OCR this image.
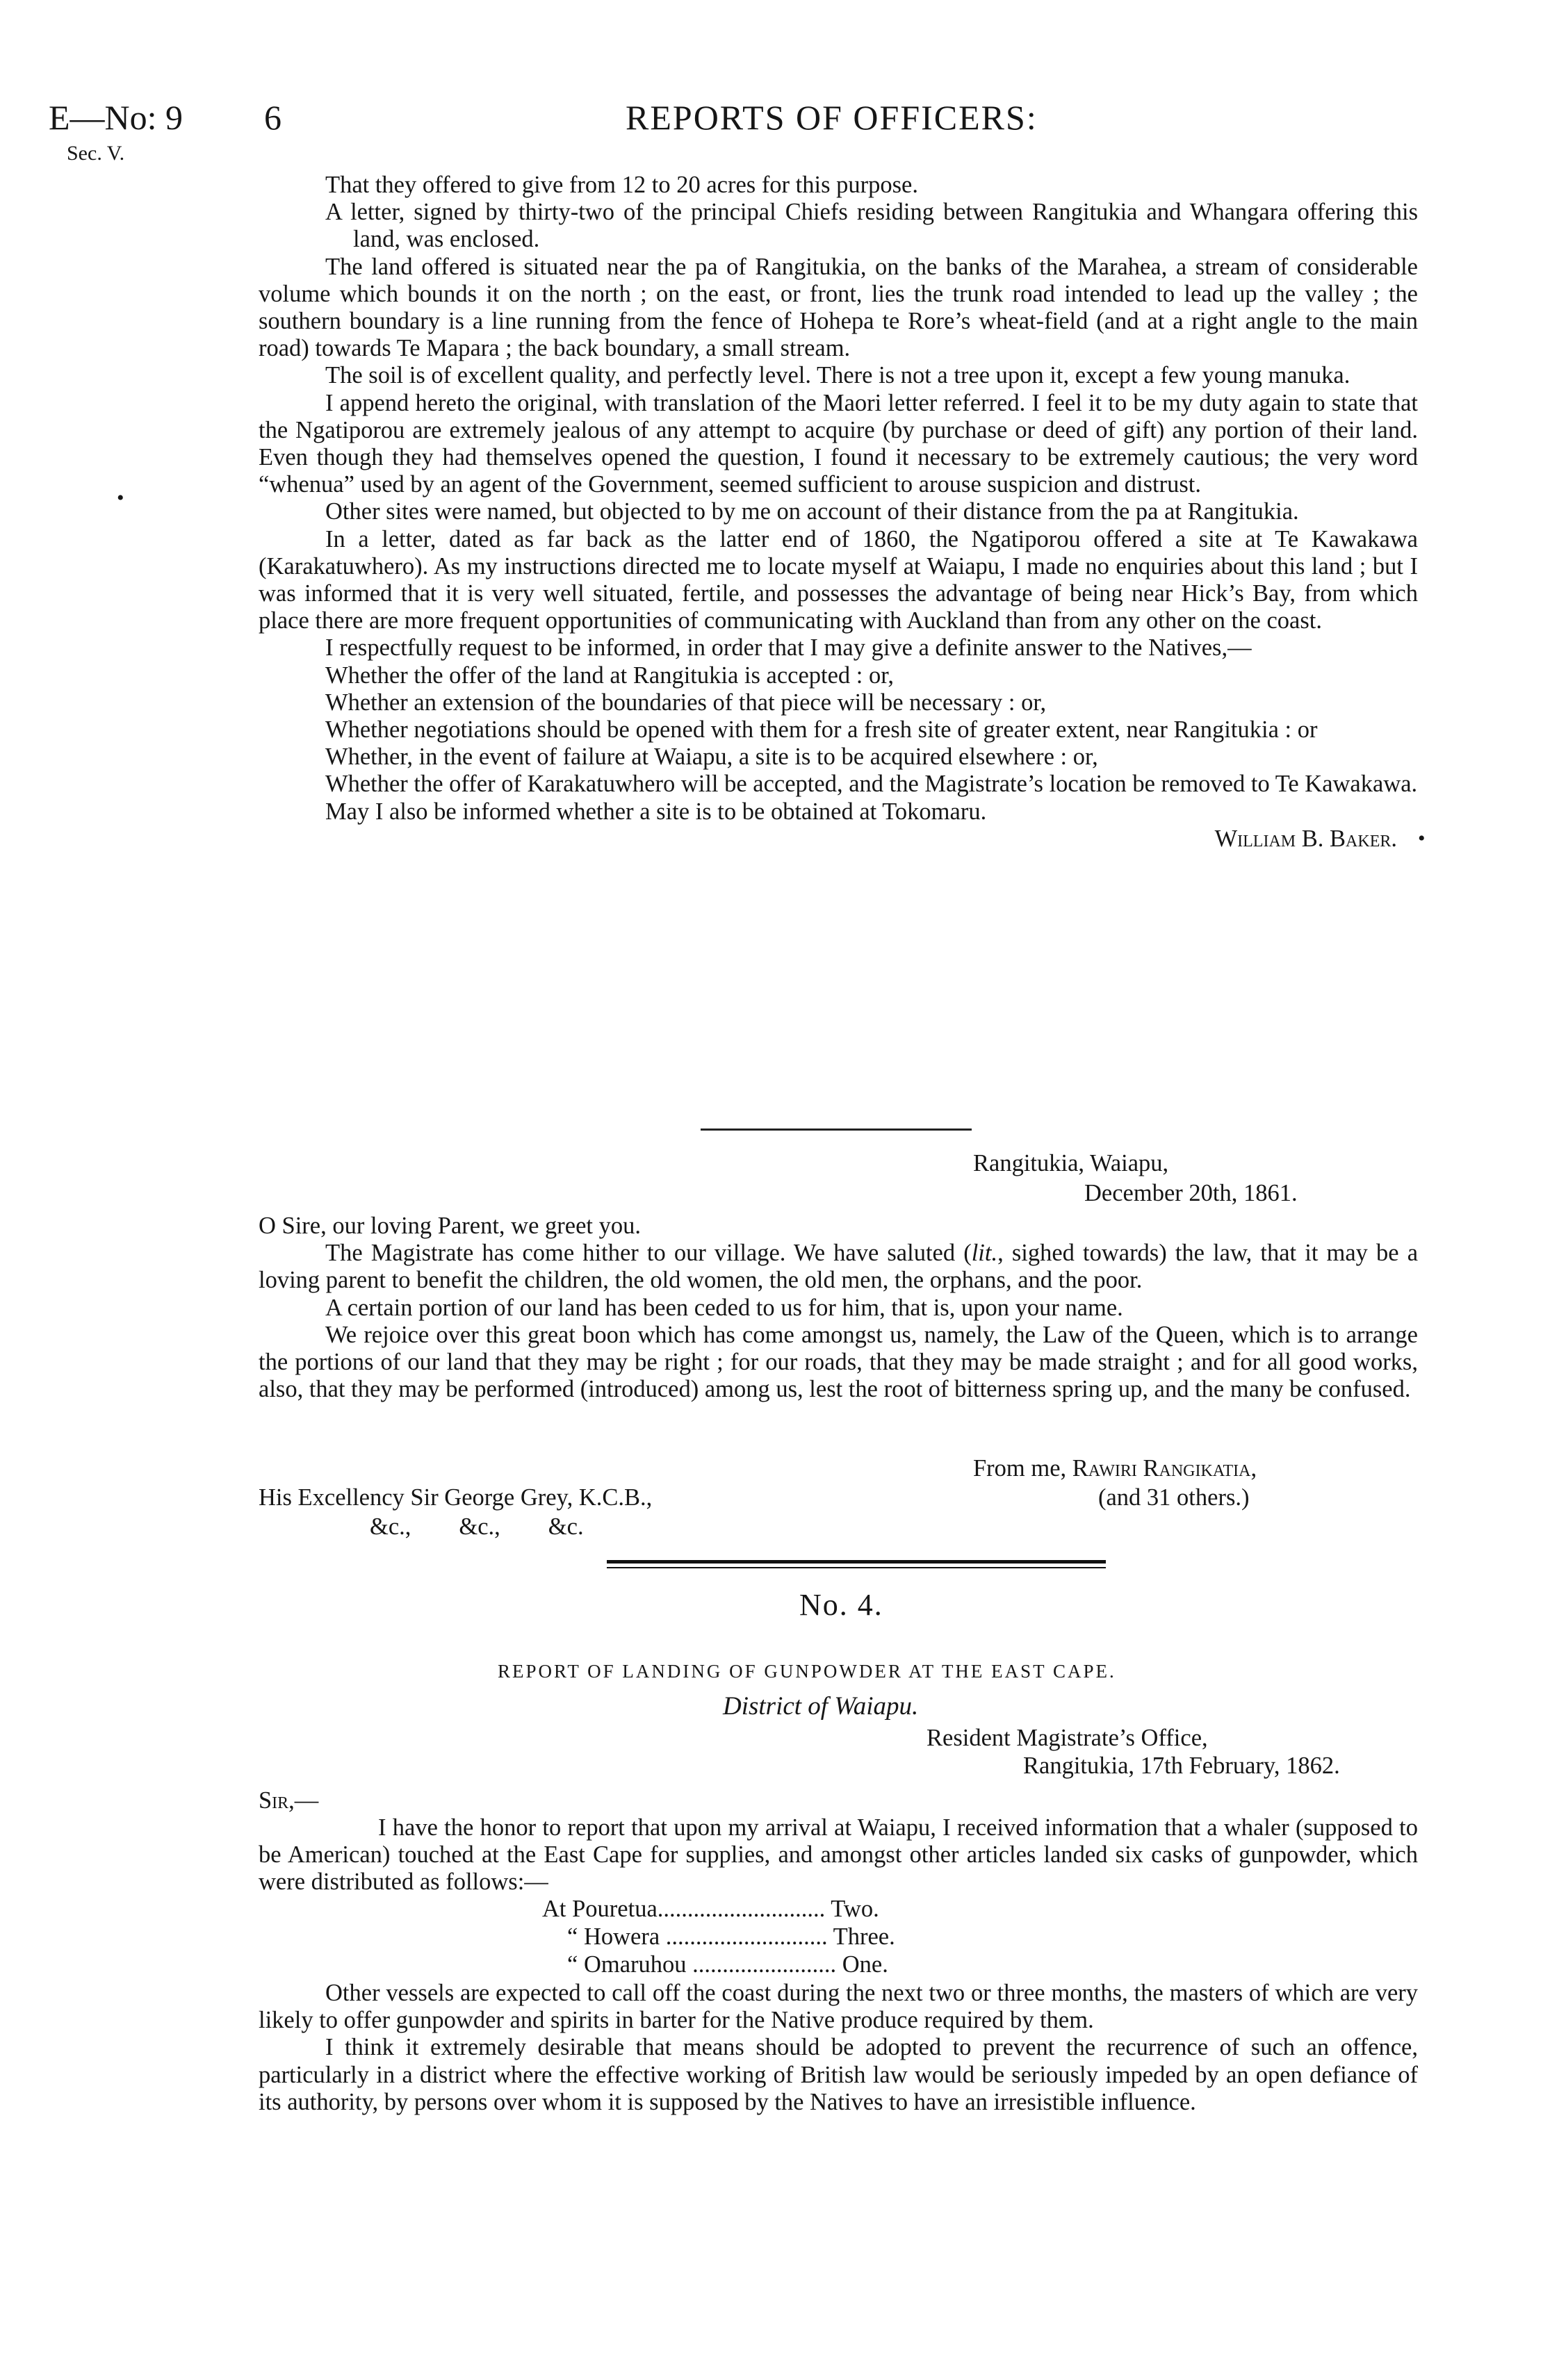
E—No: 9
Sec. V.
6	REPORTS OF OFFICERS:

That they offered to give from 12 to 20 acres for this purpose.

A letter, signed by thirty-two of the principal Chiefs residing between Rangitukia and Whangara offering this land, was enclosed.

The land offered is situated near the pa of Rangitukia, on the banks of the Marahea, a stream of considerable volume which bounds it on the north ; on the east, or front, lies the trunk road intended to lead up the valley ; the southern boundary is a line running from the fence of Hohepa te Rore’s wheat-field (and at a right angle to the main road) towards Te Mapara ; the back boundary, a small stream.

The soil is of excellent quality, and perfectly level. There is not a tree upon it, except a few young manuka.

I append hereto the original, with translation of the Maori letter referred. I feel it to be my duty again to state that the Ngatiporou are extremely jealous of any attempt to acquire (by purchase or deed of gift) any portion of their land. Even though they had themselves opened the question, I found it necessary to be extremely cautious; the very word “whenua” used by an agent of the Government, seemed sufficient to arouse suspicion and distrust.

Other sites were named, but objected to by me on account of their distance from the pa at Rangitukia.

In a letter, dated as far back as the latter end of 1860, the Ngatiporou offered a site at Te Kawakawa (Karakatuwhero). As my instructions directed me to locate myself at Waiapu, I made no enquiries about this land ; but I was informed that it is very well situated, fertile, and possesses the advantage of being near Hick’s Bay, from which place there are more frequent opportunities of communicating with Auckland than from any other on the coast.

I respectfully request to be informed, in order that I may give a definite answer to the Natives,—

Whether the offer of the land at Rangitukia is accepted : or,

Whether an extension of the boundaries of that piece will be necessary : or,

Whether negotiations should be opened with them for a fresh site of greater extent, near Rangitukia : or

Whether, in the event of failure at Waiapu, a site is to be acquired elsewhere : or,

Whether the offer of Karakatuwhero will be accepted, and the Magistrate’s location be removed to Te Kawakawa.

May I also be informed whether a site is to be obtained at Tokomaru.

William B. Baker.

Rangitukia, Waiapu,
December 20th, 1861.

O Sire, our loving Parent, we greet you.

The Magistrate has come hither to our village. We have saluted (lit., sighed towards) the law, that it may be a loving parent to benefit the children, the old women, the old men, the orphans, and the poor.

A certain portion of our land has been ceded to us for him, that is, upon your name.

We rejoice over this great boon which has come amongst us, namely, the Law of the Queen, which is to arrange the portions of our land that they may be right ; for our roads, that they may be made straight ; and for all good works, also, that they may be performed (introduced) among us, lest the root of bitterness spring up, and the many be confused.

From me, Rawiri Rangikatia,
(and 31 others.)
His Excellency Sir George Grey, K.C.B.,
&c.,        &c.,        &c.
No. 4.
REPORT OF LANDING OF GUNPOWDER AT THE EAST CAPE.
District of Waiapu.
Resident Magistrate’s Office,
Rangitukia, 17th February, 1862.
Sir,—

I have the honor to report that upon my arrival at Waiapu, I received information that a whaler (supposed to be American) touched at the East Cape for supplies, and amongst other articles landed six casks of gunpowder, which were distributed as follows:—

At Pouretua............................ Two.
“ Howera ........................... Three.
“ Omaruhou ........................ One.

Other vessels are expected to call off the coast during the next two or three months, the masters of which are very likely to offer gunpowder and spirits in barter for the Native produce required by them.

I think it extremely desirable that means should be adopted to prevent the recurrence of such an offence, particularly in a district where the effective working of British law would be seriously impeded by an open defiance of its authority, by persons over whom it is supposed by the Natives to have an irresistible influence.

•
•
